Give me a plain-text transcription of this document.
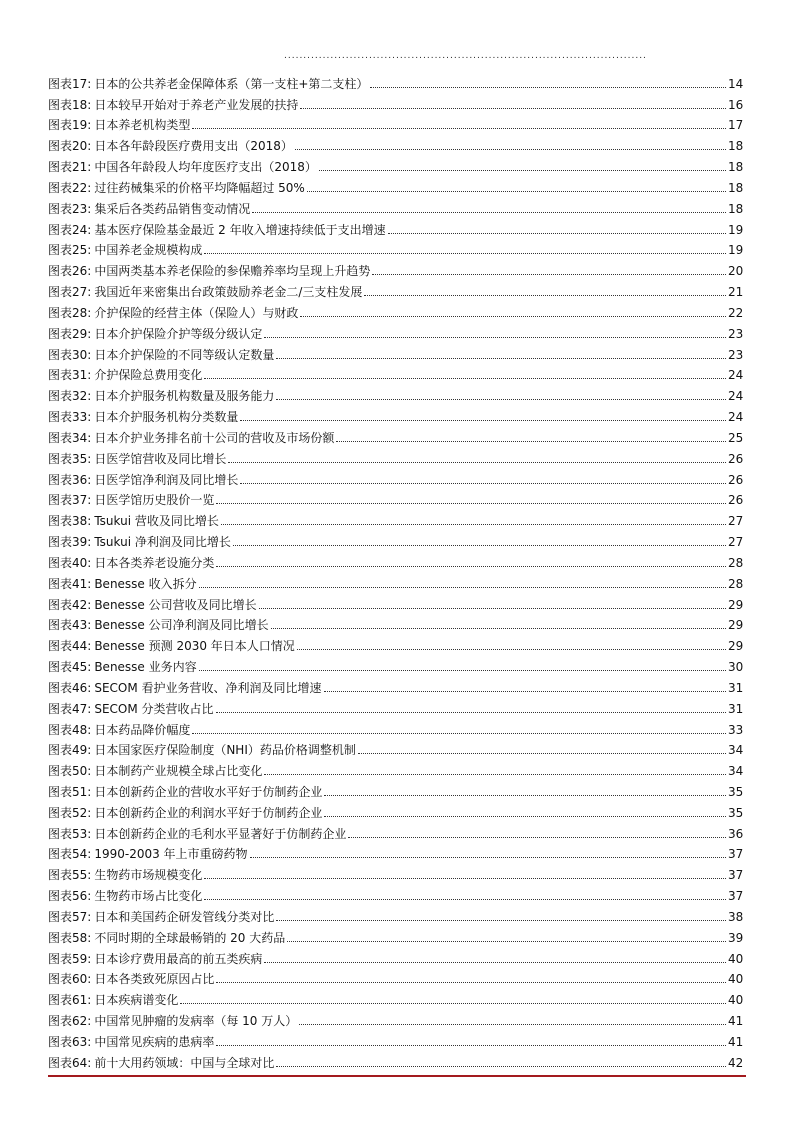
..............................................................................................
图表17: 日本的公共养老金保障体系（第一支柱+第二支柱）	14
图表18: 日本较早开始对于养老产业发展的扶持	16
图表19: 日本养老机构类型	17
图表20: 日本各年龄段医疗费用支出（2018）	18
图表21: 中国各年龄段人均年度医疗支出（2018）	18
图表22: 过往药械集采的价格平均降幅超过 50%	18
图表23: 集采后各类药品销售变动情况	18
图表24: 基本医疗保险基金最近 2 年收入增速持续低于支出增速	19
图表25: 中国养老金规模构成	19
图表26: 中国两类基本养老保险的参保赡养率均呈现上升趋势	20
图表27: 我国近年来密集出台政策鼓励养老金二/三支柱发展	21
图表28: 介护保险的经营主体（保险人）与财政	22
图表29: 日本介护保险介护等级分级认定	23
图表30: 日本介护保险的不同等级认定数量	23
图表31: 介护保险总费用变化	24
图表32: 日本介护服务机构数量及服务能力	24
图表33: 日本介护服务机构分类数量	24
图表34: 日本介护业务排名前十公司的营收及市场份额	25
图表35: 日医学馆营收及同比增长	26
图表36: 日医学馆净利润及同比增长	26
图表37: 日医学馆历史股价一览	26
图表38: Tsukui 营收及同比增长	27
图表39: Tsukui 净利润及同比增长	27
图表40: 日本各类养老设施分类	28
图表41: Benesse 收入拆分	28
图表42: Benesse 公司营收及同比增长	29
图表43: Benesse 公司净利润及同比增长	29
图表44: Benesse 预测 2030 年日本人口情况	29
图表45: Benesse 业务内容	30
图表46: SECOM 看护业务营收、净利润及同比增速	31
图表47: SECOM 分类营收占比	31
图表48: 日本药品降价幅度	33
图表49: 日本国家医疗保险制度（NHI）药品价格调整机制	34
图表50: 日本制药产业规模全球占比变化	34
图表51: 日本创新药企业的营收水平好于仿制药企业	35
图表52: 日本创新药企业的利润水平好于仿制药企业	35
图表53: 日本创新药企业的毛利水平显著好于仿制药企业	36
图表54: 1990-2003 年上市重磅药物	37
图表55: 生物药市场规模变化	37
图表56: 生物药市场占比变化	37
图表57: 日本和美国药企研发管线分类对比	38
图表58: 不同时期的全球最畅销的 20 大药品	39
图表59: 日本诊疗费用最高的前五类疾病	40
图表60: 日本各类致死原因占比	40
图表61: 日本疾病谱变化	40
图表62: 中国常见肿瘤的发病率（每 10 万人）	41
图表63: 中国常见疾病的患病率	41
图表64: 前十大用药领域：中国与全球对比	42
